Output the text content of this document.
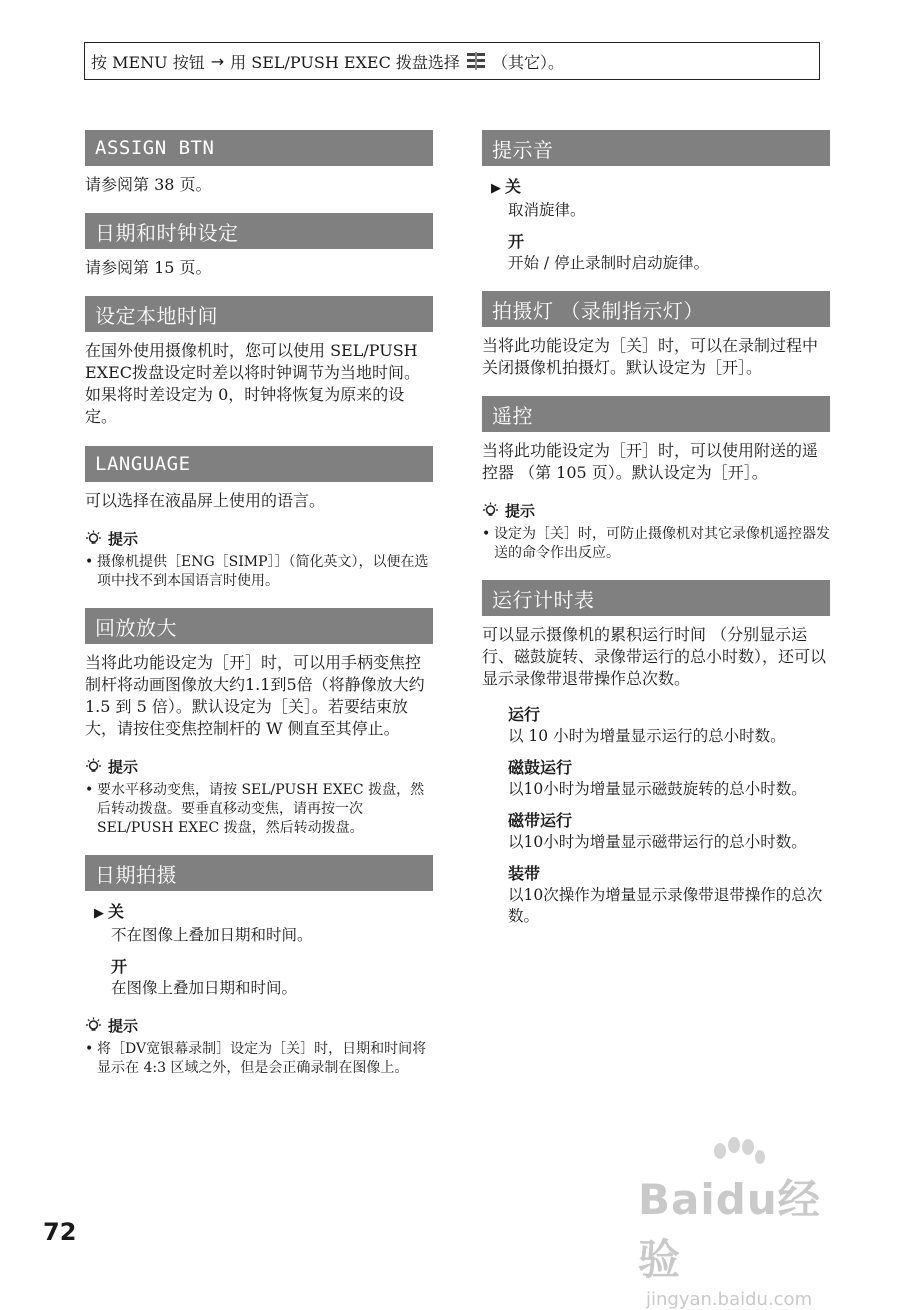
按 MENU 按钮 → 用 SEL/PUSH EXEC 拨盘选择 （其它）。
ASSIGN BTN

请参阅第 38 页。

日期和时钟设定

请参阅第 15 页。

设定本地时间

在国外使用摄像机时，您可以使用 SEL/PUSH EXEC拨盘设定时差以将时钟调节为当地时间。

如果将时差设定为 0，时钟将恢复为原来的设定。

LANGUAGE

可以选择在液晶屏上使用的语言。

提示
• 摄像机提供［ENG［SIMP］］（简化英文），以便在选项中找不到本国语言时使用。
回放放大

当将此功能设定为［开］时，可以用手柄变焦控制杆将动画图像放大约1.1到5倍（将静像放大约 1.5 到 5 倍）。默认设定为［关］。若要结束放大，请按住变焦控制杆的 W 侧直至其停止。

提示
• 要水平移动变焦，请按 SEL/PUSH EXEC 拨盘，然后转动拨盘。要垂直移动变焦，请再按一次 SEL/PUSH EXEC 拨盘，然后转动拨盘。
日期拍摄
▶ 关
不在图像上叠加日期和时间。
开
在图像上叠加日期和时间。
提示
• 将［DV宽银幕录制］设定为［关］时，日期和时间将显示在 4:3 区域之外，但是会正确录制在图像上。
提示音
▶ 关
取消旋律。
开
开始 / 停止录制时启动旋律。
拍摄灯 （录制指示灯）

当将此功能设定为［关］时，可以在录制过程中关闭摄像机拍摄灯。默认设定为［开］。

遥控

当将此功能设定为［开］时，可以使用附送的遥控器 （第 105 页）。默认设定为［开］。

提示
• 设定为［关］时，可防止摄像机对其它录像机遥控器发送的命令作出反应。
运行计时表

可以显示摄像机的累积运行时间 （分别显示运行、磁鼓旋转、录像带运行的总小时数），还可以显示录像带退带操作总次数。

运行
以 10 小时为增量显示运行的总小时数。
磁鼓运行
以10小时为增量显示磁鼓旋转的总小时数。
磁带运行
以10小时为增量显示磁带运行的总小时数。
装带
以10次操作为增量显示录像带退带操作的总次数。
72
Baidu经验
jingyan.baidu.com
